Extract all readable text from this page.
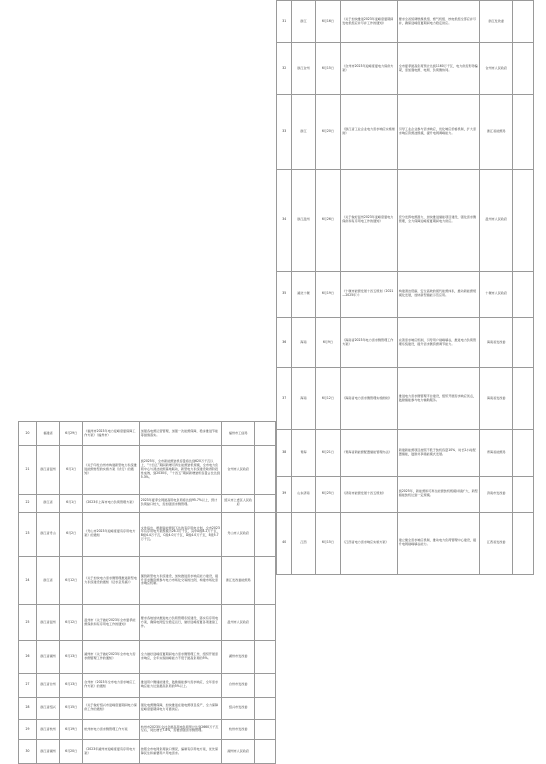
20	福建省	6月29日	《福州市2023年电力迎峰度夏保障工作方案》（福州市）	加强各电源运营管理，加强一次能源保障，稳步推进节能等措施落实。	福州市工信局	
21	浙江省温州	6月1日	《关于印发台州市构建新型电力系统推进能源转型的实施方案（试行）的通知》	到2025年，全市新能源装机容量将达到620万千瓦以上，“十四五”期间新增可再生能源装机规模，全市电力负荷中心与清洁能源基地联动，新型电力系统建设取得阶段性成效，到2030年，“十四五”期间新增装机容量占比达到5.3%。	台州市人民政府	
22	浙江省	6月1日	《2023年上海市电力负荷管理方案》	2023年夏季全网最高用电负荷将达到95.7%以上，预计负荷缺口较大，需加强需求侧管理。	绍兴市上虞区人民政府	
23	浙江省舟山	6月2日	《舟山市2023年迎峰度夏有序用电方案》的通知	文件指出，根据省能源局下达的有序用电计划，全市2023年有序用电方案规模为26.3万千瓦，其中A级8.2万千瓦，B级4.4万千瓦，C级4.0万千瓦，D级4.0万千瓦，E级5.7万千瓦。	舟山市人民政府	
24	浙江省	6月12日	《关于加快电力需求侧管理推进新型电力系统建设的通知（征求意见稿）》	围绕新型电力系统建设，加快推进需求响应能力建设，提升需求侧资源参与电力市场化交易的比例，构建市场化需求响应机制。	浙江发改委能源局	
25	浙江省温州	6月12日	温州市《关于做好2023年全市夏季能源保供和有序用电工作的通知》	要求各地加快推进电力负荷管理系统建设，落实有序用电方案，确保电网安全稳定运行，做好迎峰度夏各项准备工作。	温州市人民政府	
26	浙江省湖州	6月13日	湖州市《关于做好2023年全市电力需求侧管理工作的通知》	全力做好迎峰度夏期间电力需求侧管理工作，组织开展需求响应，全年实现削峰能力不低于最高负荷的5%。	湖州市发改委	
27	浙江省台州	6月13日	台州市《2023年全市电力需求响应工作方案》的通知	推进用户侧储能建设，鼓励储能参与需求响应，全年需求响应能力达到最高负荷的5%以上。	台州市发改委	
28	浙江省绍兴	6月15日	《关于做好绍兴市迎峰度夏期间电力保供工作的通知》	强化电源侧保障，加快推进在建电源项目投产，全力保障迎峰度夏期间电力可靠供应。	绍兴市发改委	
29	浙江省杭州	6月19日	杭州市电力需求侧管理工作方案	杭州市2023年全社会最高用电负荷预计达到2660万千瓦左右，同比增长7.8%，需要加强需求侧管理。	杭州市发改委	
30	浙江省湖州	6月20日	《2023年湖州市迎峰度夏有序用电方案》	按照全市电网负荷缺口情况，编制有序用电方案，优先保障民生和重要用户用电需求。	湖州市人民政府	
31	浙江	6月16日	《关于加快推进2023年迎峰度夏期间发电机组应并尽并工作的通知》	要求全省统调燃煤机组、燃气机组、核电机组全部应并尽并，确保迎峰度夏期间电力稳定供应。	浙江发改委	
32	浙江台州	6月15日	《台州市2023年迎峰度夏电力保供方案》	全市夏季最高负荷预计达到1160万千瓦，电力供需形势偏紧，需加强电源、电网、负荷侧协同。	台州市人民政府	
33	浙江	6月20日	《浙江省工业企业电力需求响应实施细则》	引导工业企业参与需求响应，优化响应价格机制，扩大需求响应资源池规模，提升电网调峰能力。	浙江省能源局	
34	浙江温州	6月26日	《关于做好温州2023年迎峰度夏电力保供和有序用电工作的通知》	充分发挥电源潜力，加快推进储能项目建设，强化需求侧管理，全力保障迎峰度夏期间电力供应。	温州市人民政府	
35	湖北十堰	6月19日	《十堰市能源发展十四五规划（2021—2025年）》	构建清洁低碳、安全高效的现代能源体系，推动新能源规模化发展，加快新型储能示范应用。	十堰市人民政府	
36	海南	6月9日	《海南省2023年电力需求侧管理工作方案》	完善需求响应机制，引导用户削峰填谷，推进电力负荷管理系统建设，提升需求侧资源调节能力。	海南省发改委	
37	海南	6月12日	《海南省电力需求侧管理实施细则》	推进电力需求侧管理平台建设，组织开展需求响应试点，鼓励储能参与电力辅助服务。	海南省发改委	
38	青海	6月21日	《青海省新能源配置储能管理办法》	新建新能源项目按照不低于装机容量10%、时长2小时配置储能，鼓励共享储能模式发展。	青海省能源局	
39	山东济南	6月25日	《济南市能源发展十四五规划》	到2025年，新能源和可再生能源装机规模持续扩大，新型储能装机达到一定规模。	济南市发改委	
40	江西	6月15日	《江西省电力需求响应实施方案》	建立健全需求响应机制，推动电力负荷管理中心建设，提升电网削峰填谷能力。	江西省发改委	
